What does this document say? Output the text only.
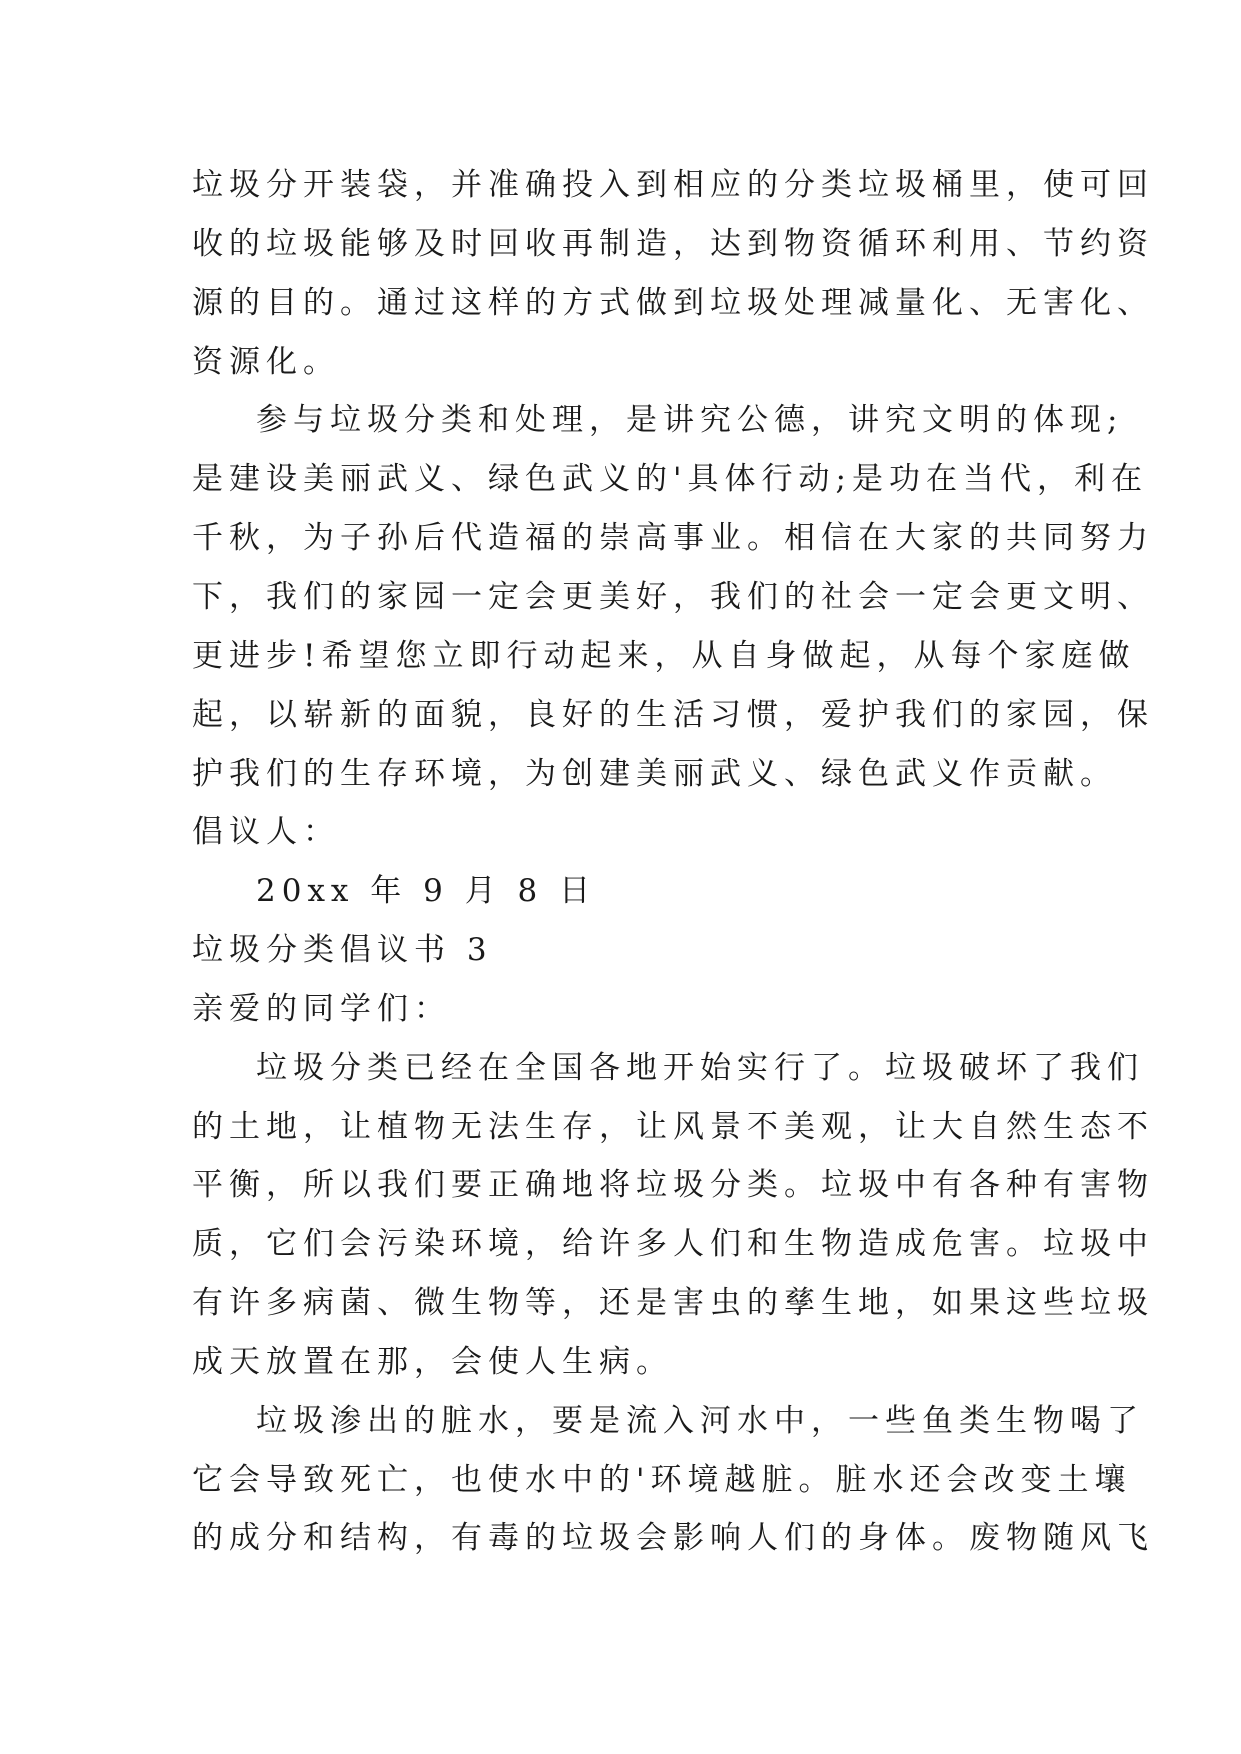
垃圾分开装袋，并准确投入到相应的分类垃圾桶里，使可回
收的垃圾能够及时回收再制造，达到物资循环利用、节约资
源的目的。通过这样的方式做到垃圾处理减量化、无害化、
资源化。
参与垃圾分类和处理，是讲究公德，讲究文明的体现;
是建设美丽武义、绿色武义的'具体行动;是功在当代，利在
千秋，为子孙后代造福的崇高事业。相信在大家的共同努力
下，我们的家园一定会更美好，我们的社会一定会更文明、
更进步!希望您立即行动起来，从自身做起，从每个家庭做
起，以崭新的面貌，良好的生活习惯，爱护我们的家园，保
护我们的生存环境，为创建美丽武义、绿色武义作贡献。
倡议人：
20xx 年 9 月 8 日
垃圾分类倡议书 3
亲爱的同学们：
垃圾分类已经在全国各地开始实行了。垃圾破坏了我们
的土地，让植物无法生存，让风景不美观，让大自然生态不
平衡，所以我们要正确地将垃圾分类。垃圾中有各种有害物
质，它们会污染环境，给许多人们和生物造成危害。垃圾中
有许多病菌、微生物等，还是害虫的孳生地，如果这些垃圾
成天放置在那，会使人生病。
垃圾渗出的脏水，要是流入河水中，一些鱼类生物喝了
它会导致死亡，也使水中的'环境越脏。脏水还会改变土壤
的成分和结构，有毒的垃圾会影响人们的身体。废物随风飞
